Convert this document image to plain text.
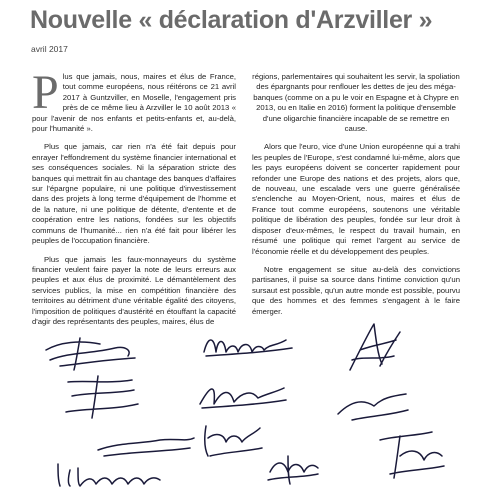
Nouvelle « déclaration d'Arzviller »
avril 2017

P lus que jamais, nous, maires et élus de France, tout comme européens, nous réitérons ce 21 avril 2017 à Guntzviller, en Moselle, l'engagement pris près de ce même lieu à Arzviller le 10 août 2013 « pour l'avenir de nos enfants et petits-enfants et, au-delà, pour l'humanité ».

Plus que jamais, car rien n'a été fait depuis pour enrayer l'effondrement du système financier international et ses conséquences sociales. Ni la séparation stricte des banques qui mettrait fin au chantage des banques d'affaires sur l'épargne populaire, ni une politique d'investissement dans des projets à long terme d'équipement de l'homme et de la nature, ni une politique de détente, d'entente et de coopération entre les nations, fondées sur les objectifs communs de l'humanité... rien n'a été fait pour libérer les peuples de l'occupation financière.

Plus que jamais les faux-monnayeurs du système financier veulent faire payer la note de leurs erreurs aux peuples et aux élus de proximité. Le démantèlement des services publics, la mise en compétition financière des territoires au détriment d'une véritable égalité des citoyens, l'imposition de politiques d'austérité en étouffant la capacité d'agir des représentants des peuples, maires, élus de

régions, parlementaires qui souhaitent les servir, la spoliation des épargnants pour renflouer les dettes de jeu des méga-banques (comme on a pu le voir en Espagne et à Chypre en 2013, ou en Italie en 2016) forment la politique d'ensemble d'une oligarchie financière incapable de se remettre en cause.

Alors que l'euro, vice d'une Union européenne qui a trahi les peuples de l'Europe, s'est condamné lui-même, alors que les pays européens doivent se concerter rapidement pour refonder une Europe des nations et des projets, alors que, de nouveau, une escalade vers une guerre généralisée s'enclenche au Moyen-Orient, nous, maires et élus de France tout comme européens, soutenons une véritable politique de libération des peuples, fondée sur leur droit à disposer d'eux-mêmes, le respect du travail humain, en résumé une politique qui remet l'argent au service de l'économie réelle et du développement des peuples.

Notre engagement se situe au-delà des convictions partisanes, il puise sa source dans l'intime conviction qu'un sursaut est possible, qu'un autre monde est possible, pourvu que des hommes et des femmes s'engagent à le faire émerger.
